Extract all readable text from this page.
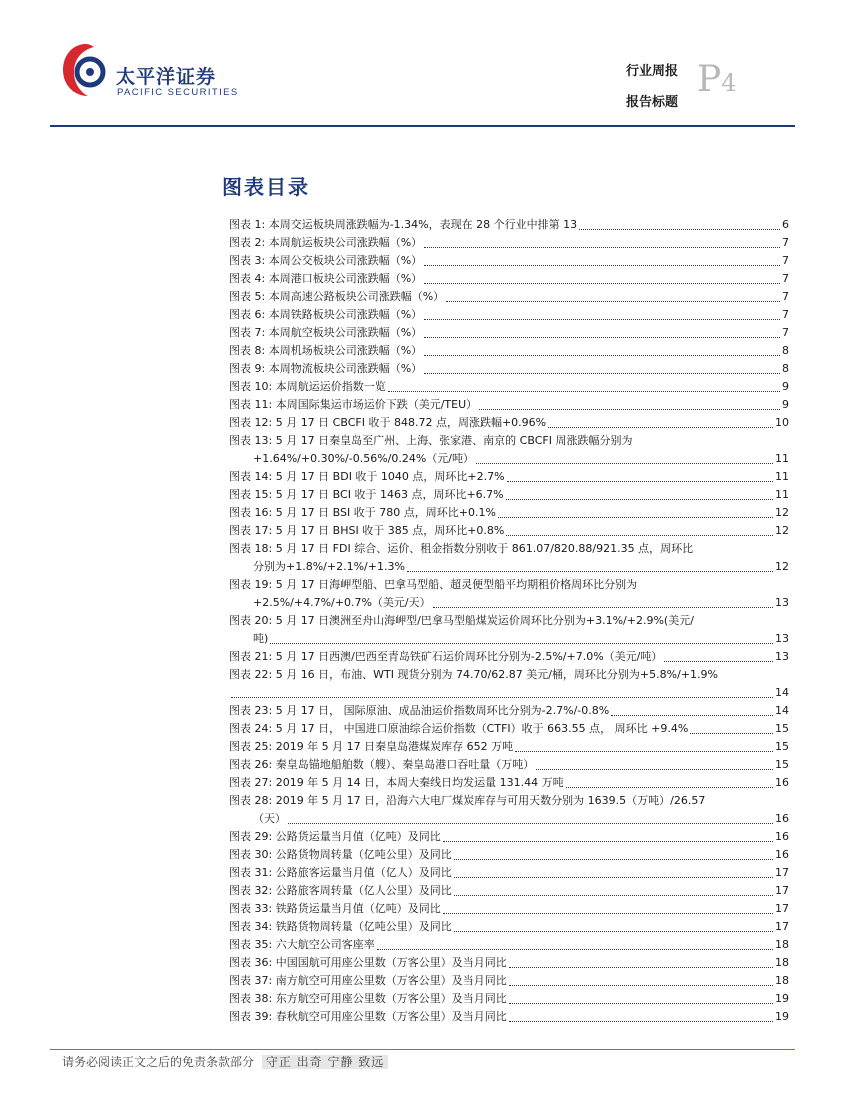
太平洋证券
PACIFIC SECURITIES
行业周报
报告标题
P4
图表目录
图表 1: 本周交运板块周涨跌幅为-1.34%，表现在 28 个行业中排第 13	6
图表 2: 本周航运板块公司涨跌幅（%）	7
图表 3: 本周公交板块公司涨跌幅（%）	7
图表 4: 本周港口板块公司涨跌幅（%）	7
图表 5: 本周高速公路板块公司涨跌幅（%）	7
图表 6: 本周铁路板块公司涨跌幅（%）	7
图表 7: 本周航空板块公司涨跌幅（%）	7
图表 8: 本周机场板块公司涨跌幅（%）	8
图表 9: 本周物流板块公司涨跌幅（%）	8
图表 10: 本周航运运价指数一览	9
图表 11: 本周国际集运市场运价下跌（美元/TEU）	9
图表 12: 5 月 17 日 CBCFI 收于 848.72 点，周涨跌幅+0.96%	10
图表 13: 5 月 17 日秦皇岛至广州、上海、张家港、南京的 CBCFI 周涨跌幅分别为
+1.64%/+0.30%/-0.56%/0.24%（元/吨）	11
图表 14: 5 月 17 日 BDI 收于 1040 点，周环比+2.7%	11
图表 15: 5 月 17 日 BCI 收于 1463 点，周环比+6.7%	11
图表 16: 5 月 17 日 BSI 收于 780 点，周环比+0.1%	12
图表 17: 5 月 17 日 BHSI 收于 385 点，周环比+0.8%	12
图表 18: 5 月 17 日 FDI 综合、运价、租金指数分别收于 861.07/820.88/921.35 点，周环比
分别为+1.8%/+2.1%/+1.3%	12
图表 19: 5 月 17 日海岬型船、巴拿马型船、超灵便型船平均期租价格周环比分别为
+2.5%/+4.7%/+0.7%（美元/天）	13
图表 20: 5 月 17 日澳洲至舟山海岬型/巴拿马型船煤炭运价周环比分别为+3.1%/+2.9%(美元/
吨)	13
图表 21: 5 月 17 日西澳/巴西至青岛铁矿石运价周环比分别为-2.5%/+7.0%（美元/吨）	13
图表 22: 5 月 16 日，布油、WTI 现货分别为 74.70/62.87 美元/桶，周环比分别为+5.8%/+1.9%
14
图表 23: 5 月 17 日， 国际原油、成品油运价指数周环比分别为-2.7%/-0.8%	14
图表 24: 5 月 17 日， 中国进口原油综合运价指数（CTFI）收于 663.55 点， 周环比 +9.4%	15
图表 25: 2019 年 5 月 17 日秦皇岛港煤炭库存 652 万吨	15
图表 26: 秦皇岛锚地船舶数（艘）、秦皇岛港口吞吐量（万吨）	15
图表 27: 2019 年 5 月 14 日，本周大秦线日均发运量 131.44 万吨	16
图表 28: 2019 年 5 月 17 日，沿海六大电厂煤炭库存与可用天数分别为 1639.5（万吨）/26.57
（天）	16
图表 29: 公路货运量当月值（亿吨）及同比	16
图表 30: 公路货物周转量（亿吨公里）及同比	16
图表 31: 公路旅客运量当月值（亿人）及同比	17
图表 32: 公路旅客周转量（亿人公里）及同比	17
图表 33: 铁路货运量当月值（亿吨）及同比	17
图表 34: 铁路货物周转量（亿吨公里）及同比	17
图表 35: 六大航空公司客座率	18
图表 36: 中国国航可用座公里数（万客公里）及当月同比	18
图表 37: 南方航空可用座公里数（万客公里）及当月同比	18
图表 38: 东方航空可用座公里数（万客公里）及当月同比	19
图表 39: 春秋航空可用座公里数（万客公里）及当月同比	19
请务必阅读正文之后的免责条款部分 守正 出奇 宁静 致远
